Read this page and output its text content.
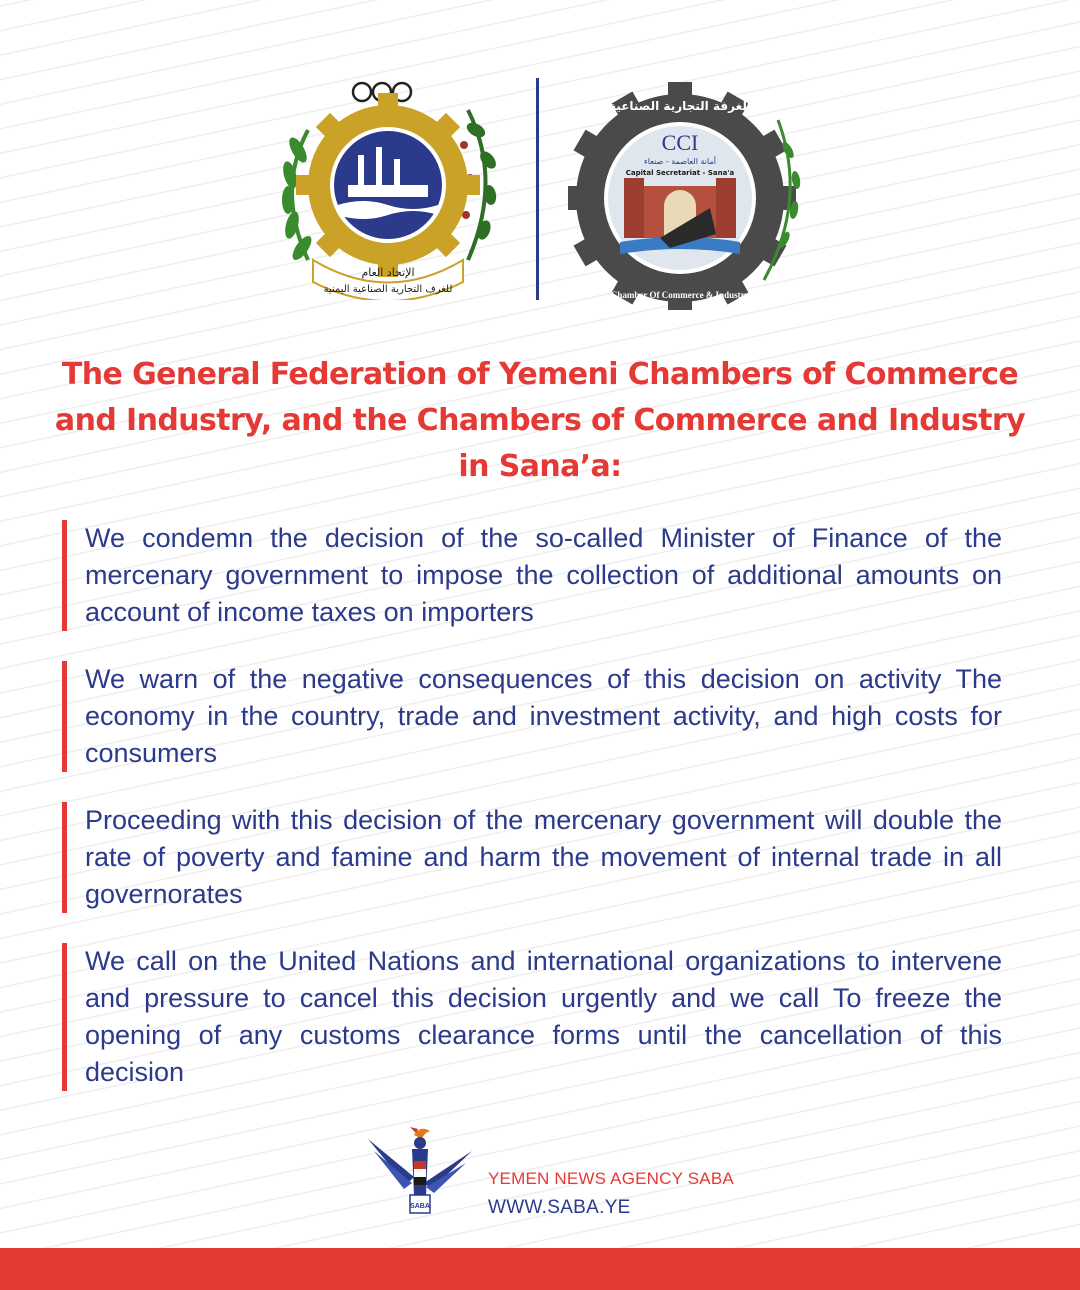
الإتحاد العام
للغرف التجارية الصناعية اليمنية
CCI
أمانة العاصمة - صنعاء
Capital Secretariat - Sana'a
الغرفة التجارية الصناعية
Chamber Of Commerce & Industry
The General Federation of Yemeni Chambers of Commerce and Industry, and the Chambers of Commerce and Industry in Sana’a:
We condemn the decision of the so-called Minister of Finance of the mercenary government to impose the collection of additional amounts on account of income taxes on importers
We warn of the negative consequences of this decision on activity The economy in the country, trade and investment activity, and high costs for consumers
Proceeding with this decision of the mercenary government will double the rate of poverty and famine and harm the movement of internal trade in all governorates
We call on the United Nations and international organizations to intervene and pressure to cancel this decision urgently and we call To freeze the opening of any customs clearance forms until the cancellation of this decision
SABA
YEMEN NEWS AGENCY SABA
WWW.SABA.YE
